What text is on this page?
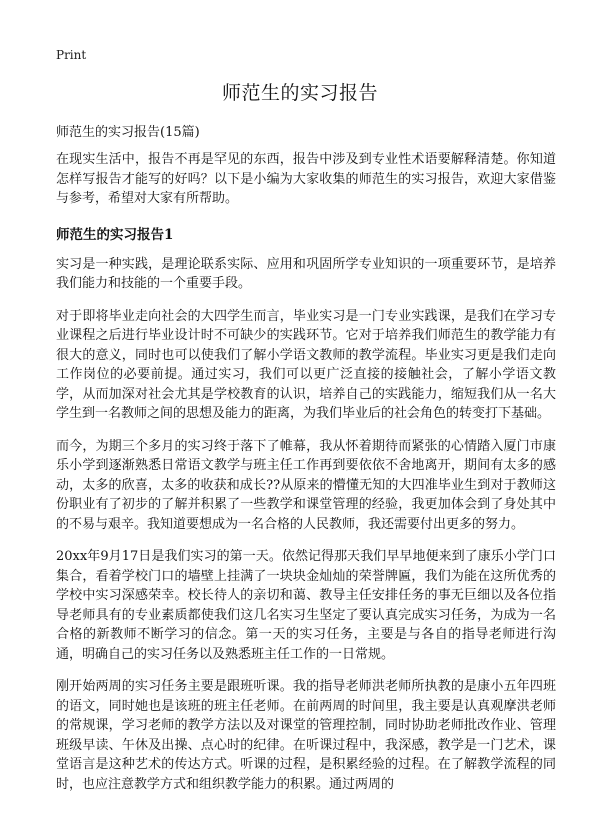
Print
师范生的实习报告

师范生的实习报告(15篇)

在现实生活中，报告不再是罕见的东西，报告中涉及到专业性术语要解释清楚。你知道怎样写报告才能写的好吗？以下是小编为大家收集的师范生的实习报告，欢迎大家借鉴与参考，希望对大家有所帮助。

师范生的实习报告1

实习是一种实践，是理论联系实际、应用和巩固所学专业知识的一项重要环节，是培养我们能力和技能的一个重要手段。

对于即将毕业走向社会的大四学生而言，毕业实习是一门专业实践课，是我们在学习专业课程之后进行毕业设计时不可缺少的实践环节。它对于培养我们师范生的教学能力有很大的意义，同时也可以使我们了解小学语文教师的教学流程。毕业实习更是我们走向工作岗位的必要前提。通过实习，我们可以更广泛直接的接触社会，了解小学语文教学，从而加深对社会尤其是学校教育的认识，培养自己的实践能力，缩短我们从一名大学生到一名教师之间的思想及能力的距离，为我们毕业后的社会角色的转变打下基础。

而今，为期三个多月的实习终于落下了帷幕，我从怀着期待而紧张的心情踏入厦门市康乐小学到逐渐熟悉日常语文教学与班主任工作再到要依依不舍地离开，期间有太多的感动，太多的欣喜，太多的收获和成长??从原来的懵懂无知的大四准毕业生到对于教师这份职业有了初步的了解并积累了一些教学和课堂管理的经验，我更加体会到了身处其中的不易与艰辛。我知道要想成为一名合格的人民教师，我还需要付出更多的努力。

20xx年9月17日是我们实习的第一天。依然记得那天我们早早地便来到了康乐小学门口集合，看着学校门口的墙壁上挂满了一块块金灿灿的荣誉牌匾，我们为能在这所优秀的学校中实习深感荣幸。校长待人的亲切和蔼、教导主任安排任务的事无巨细以及各位指导老师具有的专业素质都使我们这几名实习生坚定了要认真完成实习任务，为成为一名合格的新教师不断学习的信念。第一天的实习任务，主要是与各自的指导老师进行沟通，明确自己的实习任务以及熟悉班主任工作的一日常规。

刚开始两周的实习任务主要是跟班听课。我的指导老师洪老师所执教的是康小五年四班的语文，同时她也是该班的班主任老师。在前两周的时间里，我主要是认真观摩洪老师的常规课，学习老师的教学方法以及对课堂的管理控制，同时协助老师批改作业、管理班级早读、午休及出操、点心时的纪律。在听课过程中，我深感，教学是一门艺术，课堂语言是这种艺术的传达方式。听课的过程，是积累经验的过程。在了解教学流程的同时，也应注意教学方式和组织教学能力的积累。通过两周的
